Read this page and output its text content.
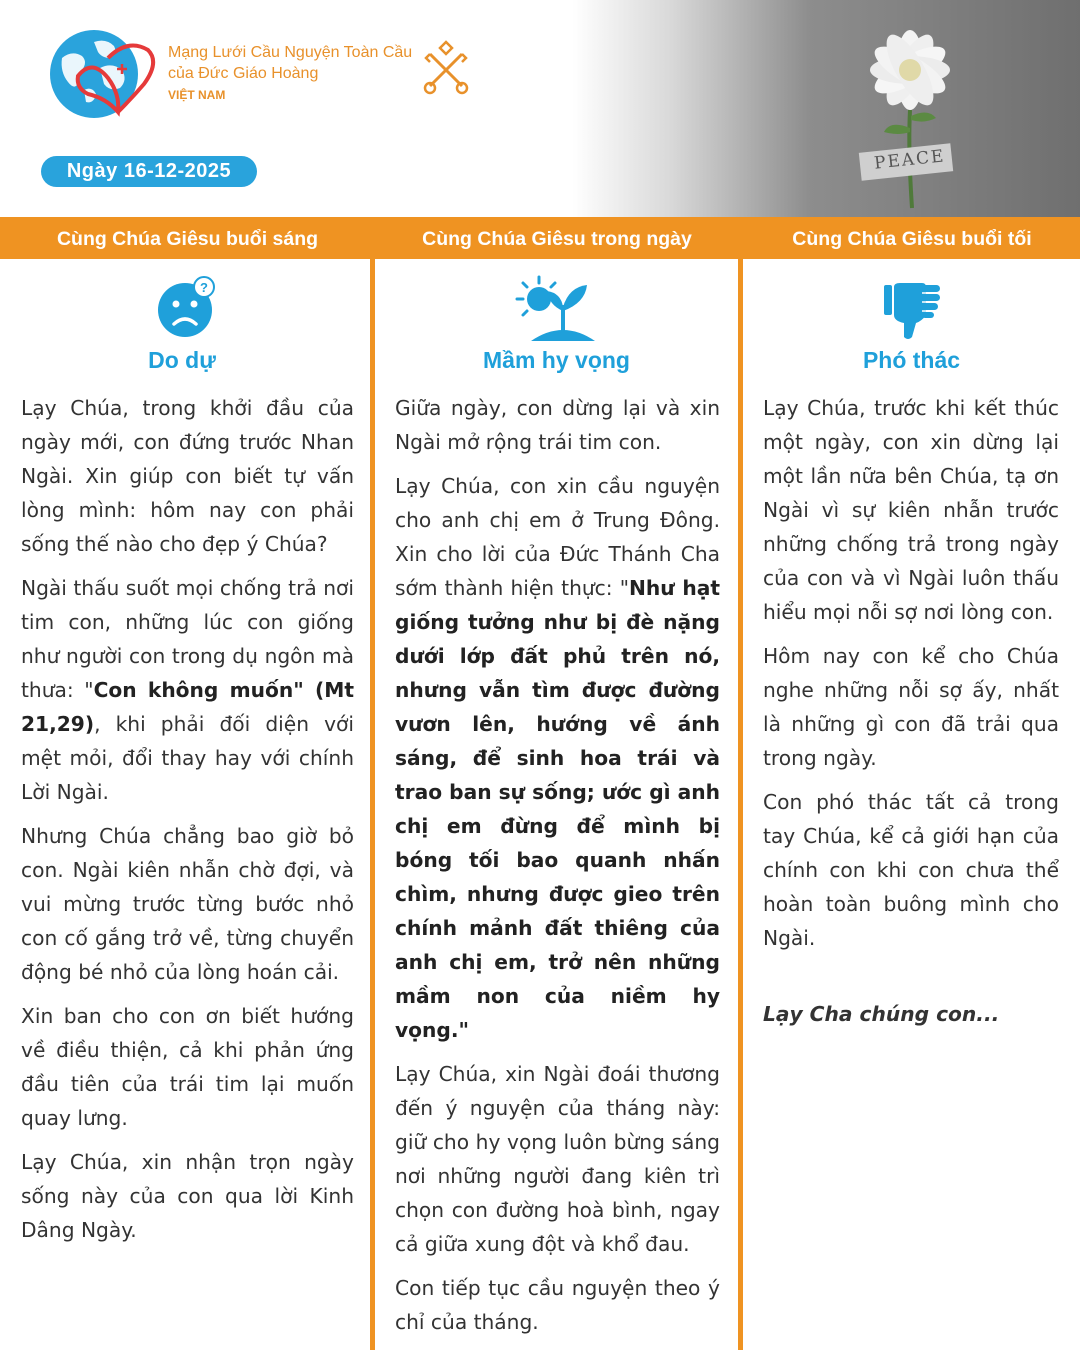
Mạng Lưới Cầu Nguyện Toàn Cầu của Đức Giáo Hoàng
VIỆT NAM
PEACE
Ngày 16-12-2025
Cùng Chúa Giêsu buổi sáng	Cùng Chúa Giêsu trong ngày	Cùng Chúa Giêsu buổi tối
?
Do dự

Lạy Chúa, trong khởi đầu của ngày mới, con đứng trước Nhan Ngài. Xin giúp con biết tự vấn lòng mình: hôm nay con phải sống thế nào cho đẹp ý Chúa?

Ngài thấu suốt mọi chống trả nơi tim con, những lúc con giống như người con trong dụ ngôn mà thưa: "Con không muốn" (Mt 21,29), khi phải đối diện với mệt mỏi, đổi thay hay với chính Lời Ngài.

Nhưng Chúa chẳng bao giờ bỏ con. Ngài kiên nhẫn chờ đợi, và vui mừng trước từng bước nhỏ con cố gắng trở về, từng chuyển động bé nhỏ của lòng hoán cải.

Xin ban cho con ơn biết hướng về điều thiện, cả khi phản ứng đầu tiên của trái tim lại muốn quay lưng.

Lạy Chúa, xin nhận trọn ngày sống này của con qua lời Kinh Dâng Ngày.

Mầm hy vọng

Giữa ngày, con dừng lại và xin Ngài mở rộng trái tim con.

Lạy Chúa, con xin cầu nguyện cho anh chị em ở Trung Đông. Xin cho lời của Đức Thánh Cha sớm thành hiện thực: "Như hạt giống tưởng như bị đè nặng dưới lớp đất phủ trên nó, nhưng vẫn tìm được đường vươn lên, hướng về ánh sáng, để sinh hoa trái và trao ban sự sống; ước gì anh chị em đừng để mình bị bóng tối bao quanh nhấn chìm, nhưng được gieo trên chính mảnh đất thiêng của anh chị em, trở nên những mầm non của niềm hy vọng."

Lạy Chúa, xin Ngài đoái thương đến ý nguyện của tháng này: giữ cho hy vọng luôn bừng sáng nơi những người đang kiên trì chọn con đường hoà bình, ngay cả giữa xung đột và khổ đau.

Con tiếp tục cầu nguyện theo ý chỉ của tháng.

Phó thác

Lạy Chúa, trước khi kết thúc một ngày, con xin dừng lại một lần nữa bên Chúa, tạ ơn Ngài vì sự kiên nhẫn trước những chống trả trong ngày của con và vì Ngài luôn thấu hiểu mọi nỗi sợ nơi lòng con.

Hôm nay con kể cho Chúa nghe những nỗi sợ ấy, nhất là những gì con đã trải qua trong ngày.

Con phó thác tất cả trong tay Chúa, kể cả giới hạn của chính con khi con chưa thể hoàn toàn buông mình cho Ngài.

Lạy Cha chúng con...
